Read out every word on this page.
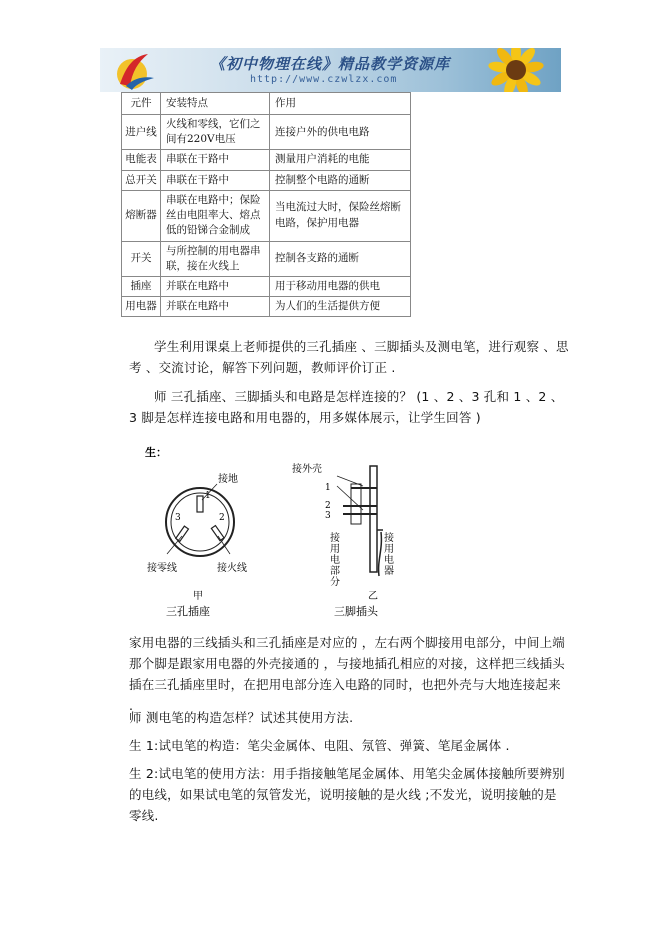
《初中物理在线》精品教学资源库
http://www.czwlzx.com
元件	安装特点	作用
进户线	火线和零线，它们之间有220V电压	连接户外的供电电路
电能表	串联在干路中	测量用户消耗的电能
总开关	串联在干路中	控制整个电路的通断
熔断器	串联在电路中；保险丝由电阻率大、熔点低的铅锑合金制成	当电流过大时，保险丝熔断电路，保护用电器
开关	与所控制的用电器串联，接在火线上	控制各支路的通断
插座	并联在电路中	用于移动用电器的供电
用电器	并联在电路中	为人们的生活提供方便

学生利用课桌上老师提供的三孔插座 、三脚插头及测电笔，进行观察 、思考 、交流讨论，解答下列问题，教师评价订正 .

师 三孔插座、三脚插头和电路是怎样连接的？ (1 、2 、3 孔和 1 、2 、3 脚是怎样连接电路和用电器的，用多媒体展示，让学生回答 )

生：
接地
接零线	接火线
1
2
3
甲
三孔插座
接外壳
1
2
3
接用电部分	接用电器
乙
三脚插头

家用电器的三线插头和三孔插座是对应的 ，左右两个脚接用电部分，中间上端那个脚是跟家用电器的外壳接通的 ，与接地插孔相应的对接，这样把三线插头插在三孔插座里时，在把用电部分连入电路的同时，也把外壳与大地连接起来 .

师 测电笔的构造怎样？试述其使用方法.

生 1:试电笔的构造：笔尖金属体、电阻、氖管、弹簧、笔尾金属体 .

生 2:试电笔的使用方法：用手指接触笔尾金属体、用笔尖金属体接触所要辨别的电线，如果试电笔的氖管发光，说明接触的是火线 ;不发光，说明接触的是零线.
